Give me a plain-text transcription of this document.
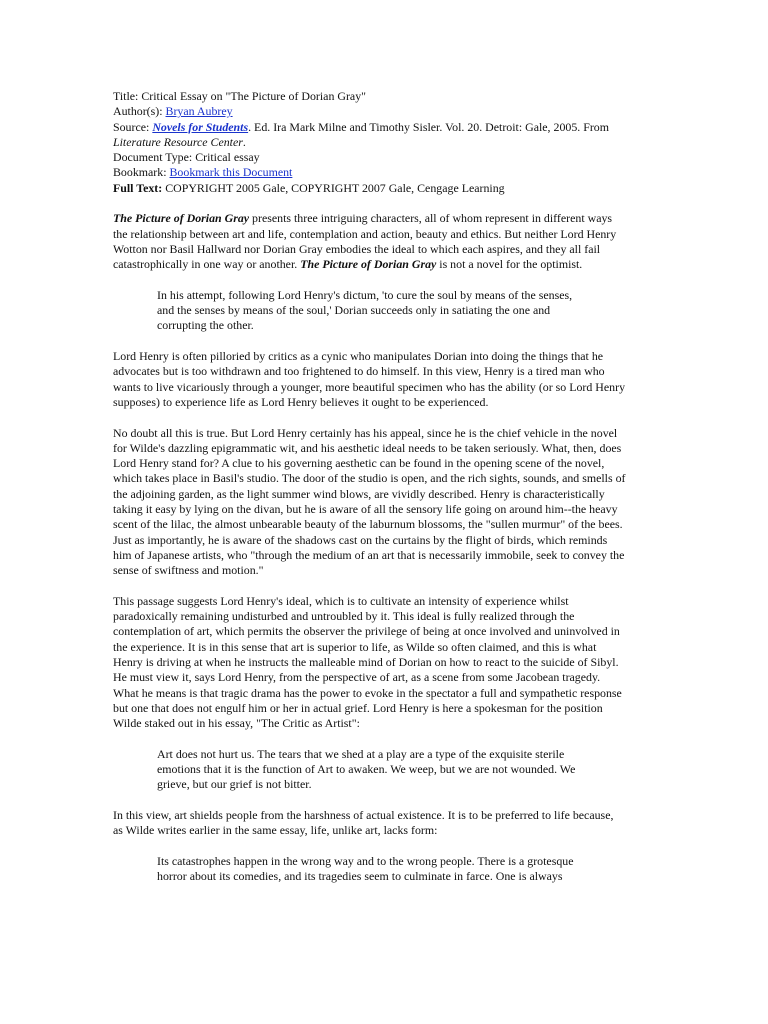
Title: Critical Essay on "The Picture of Dorian Gray"
Author(s): Bryan Aubrey
Source: Novels for Students. Ed. Ira Mark Milne and Timothy Sisler. Vol. 20. Detroit: Gale, 2005. From
Literature Resource Center.
Document Type: Critical essay
Bookmark: Bookmark this Document
Full Text: COPYRIGHT 2005 Gale, COPYRIGHT 2007 Gale, Cengage Learning
The Picture of Dorian Gray presents three intriguing characters, all of whom represent in different ways
the relationship between art and life, contemplation and action, beauty and ethics. But neither Lord Henry
Wotton nor Basil Hallward nor Dorian Gray embodies the ideal to which each aspires, and they all fail
catastrophically in one way or another. The Picture of Dorian Gray is not a novel for the optimist.
In his attempt, following Lord Henry's dictum, 'to cure the soul by means of the senses,
and the senses by means of the soul,' Dorian succeeds only in satiating the one and
corrupting the other.
Lord Henry is often pilloried by critics as a cynic who manipulates Dorian into doing the things that he
advocates but is too withdrawn and too frightened to do himself. In this view, Henry is a tired man who
wants to live vicariously through a younger, more beautiful specimen who has the ability (or so Lord Henry
supposes) to experience life as Lord Henry believes it ought to be experienced.
No doubt all this is true. But Lord Henry certainly has his appeal, since he is the chief vehicle in the novel
for Wilde's dazzling epigrammatic wit, and his aesthetic ideal needs to be taken seriously. What, then, does
Lord Henry stand for? A clue to his governing aesthetic can be found in the opening scene of the novel,
which takes place in Basil's studio. The door of the studio is open, and the rich sights, sounds, and smells of
the adjoining garden, as the light summer wind blows, are vividly described. Henry is characteristically
taking it easy by lying on the divan, but he is aware of all the sensory life going on around him--the heavy
scent of the lilac, the almost unbearable beauty of the laburnum blossoms, the "sullen murmur" of the bees.
Just as importantly, he is aware of the shadows cast on the curtains by the flight of birds, which reminds
him of Japanese artists, who "through the medium of an art that is necessarily immobile, seek to convey the
sense of swiftness and motion."
This passage suggests Lord Henry's ideal, which is to cultivate an intensity of experience whilst
paradoxically remaining undisturbed and untroubled by it. This ideal is fully realized through the
contemplation of art, which permits the observer the privilege of being at once involved and uninvolved in
the experience. It is in this sense that art is superior to life, as Wilde so often claimed, and this is what
Henry is driving at when he instructs the malleable mind of Dorian on how to react to the suicide of Sibyl.
He must view it, says Lord Henry, from the perspective of art, as a scene from some Jacobean tragedy.
What he means is that tragic drama has the power to evoke in the spectator a full and sympathetic response
but one that does not engulf him or her in actual grief. Lord Henry is here a spokesman for the position
Wilde staked out in his essay, "The Critic as Artist":
Art does not hurt us. The tears that we shed at a play are a type of the exquisite sterile
emotions that it is the function of Art to awaken. We weep, but we are not wounded. We
grieve, but our grief is not bitter.
In this view, art shields people from the harshness of actual existence. It is to be preferred to life because,
as Wilde writes earlier in the same essay, life, unlike art, lacks form:
Its catastrophes happen in the wrong way and to the wrong people. There is a grotesque
horror about its comedies, and its tragedies seem to culminate in farce. One is always
